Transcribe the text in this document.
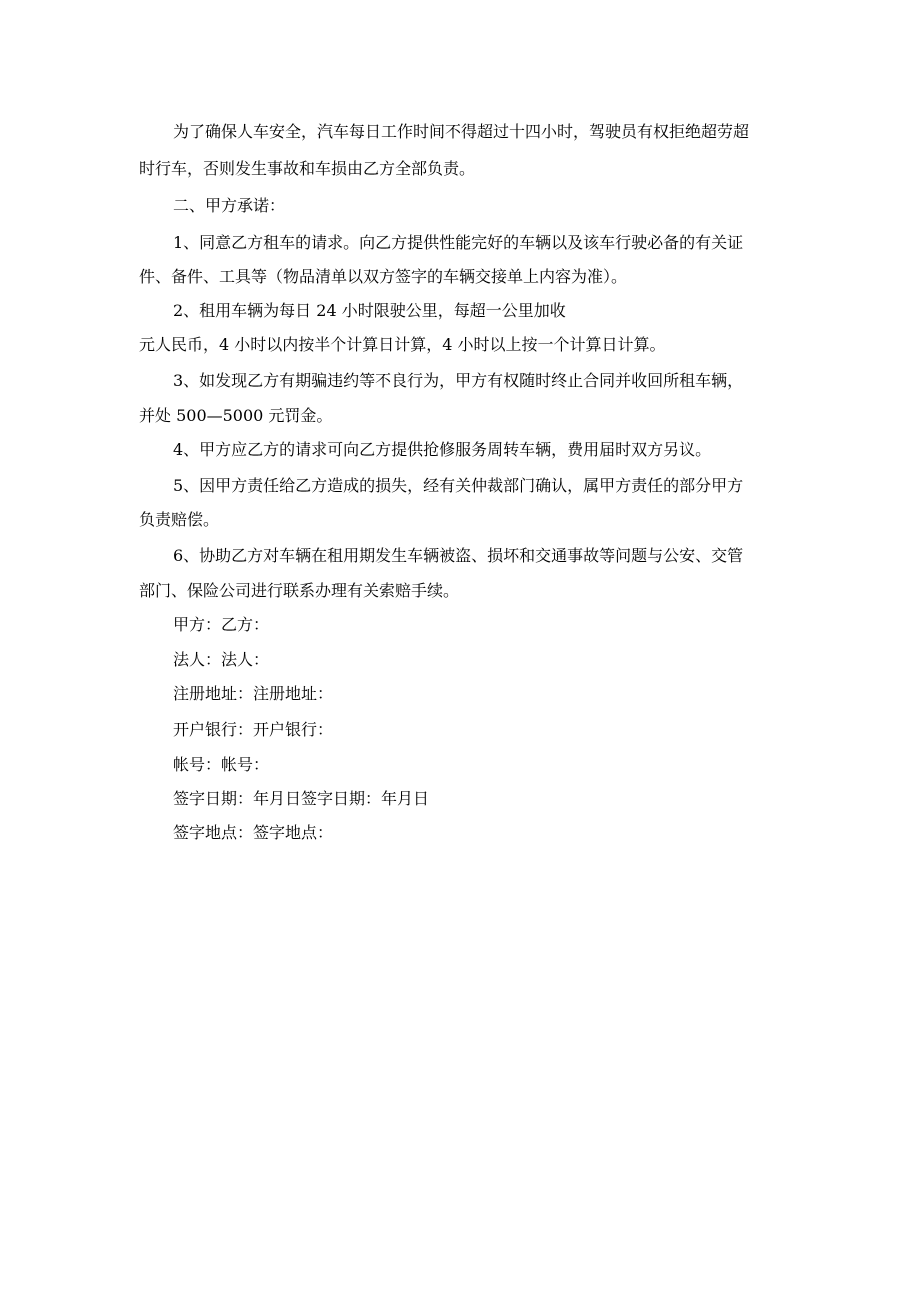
为了确保人车安全，汽车每日工作时间不得超过十四小时，驾驶员有权拒绝超劳超
时行车，否则发生事故和车损由乙方全部负责。
二、甲方承诺：
1、同意乙方租车的请求。向乙方提供性能完好的车辆以及该车行驶必备的有关证
件、备件、工具等（物品清单以双方签字的车辆交接单上内容为准）。
2、租用车辆为每日 24 小时限驶公里，每超一公里加收
元人民币，4 小时以内按半个计算日计算，4 小时以上按一个计算日计算。
3、如发现乙方有期骗违约等不良行为，甲方有权随时终止合同并收回所租车辆，
并处 500—5000 元罚金。
4、甲方应乙方的请求可向乙方提供抢修服务周转车辆，费用届时双方另议。
5、因甲方责任给乙方造成的损失，经有关仲裁部门确认，属甲方责任的部分甲方
负责赔偿。
6、协助乙方对车辆在租用期发生车辆被盗、损坏和交通事故等问题与公安、交管
部门、保险公司进行联系办理有关索赔手续。
甲方：乙方：
法人：法人：
注册地址：注册地址：
开户银行：开户银行：
帐号：帐号：
签字日期：年月日签字日期：年月日
签字地点：签字地点：
